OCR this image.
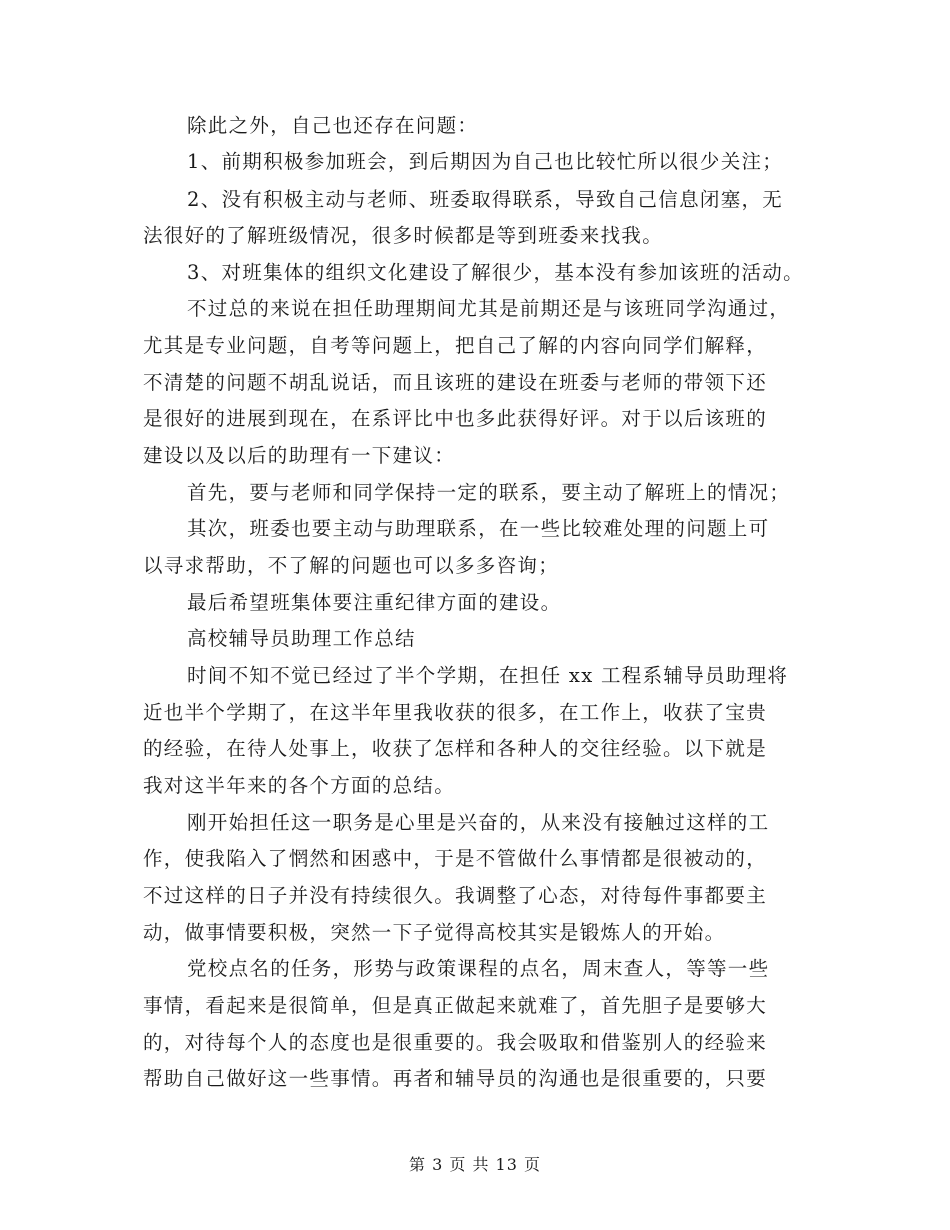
除此之外，自己也还存在问题：
1、前期积极参加班会，到后期因为自己也比较忙所以很少关注；
2、没有积极主动与老师、班委取得联系，导致自己信息闭塞，无
法很好的了解班级情况，很多时候都是等到班委来找我。
3、对班集体的组织文化建设了解很少，基本没有参加该班的活动。
不过总的来说在担任助理期间尤其是前期还是与该班同学沟通过，
尤其是专业问题，自考等问题上，把自己了解的内容向同学们解释，
不清楚的问题不胡乱说话，而且该班的建设在班委与老师的带领下还
是很好的进展到现在，在系评比中也多此获得好评。对于以后该班的
建设以及以后的助理有一下建议：
首先，要与老师和同学保持一定的联系，要主动了解班上的情况；
其次，班委也要主动与助理联系，在一些比较难处理的问题上可
以寻求帮助，不了解的问题也可以多多咨询；
最后希望班集体要注重纪律方面的建设。
高校辅导员助理工作总结
时间不知不觉已经过了半个学期，在担任 xx 工程系辅导员助理将
近也半个学期了，在这半年里我收获的很多，在工作上，收获了宝贵
的经验，在待人处事上，收获了怎样和各种人的交往经验。以下就是
我对这半年来的各个方面的总结。
刚开始担任这一职务是心里是兴奋的，从来没有接触过这样的工
作，使我陷入了惘然和困惑中，于是不管做什么事情都是很被动的，
不过这样的日子并没有持续很久。我调整了心态，对待每件事都要主
动，做事情要积极，突然一下子觉得高校其实是锻炼人的开始。
党校点名的任务，形势与政策课程的点名，周末查人，等等一些
事情，看起来是很简单，但是真正做起来就难了，首先胆子是要够大
的，对待每个人的态度也是很重要的。我会吸取和借鉴别人的经验来
帮助自己做好这一些事情。再者和辅导员的沟通也是很重要的，只要
第 3 页 共 13 页
